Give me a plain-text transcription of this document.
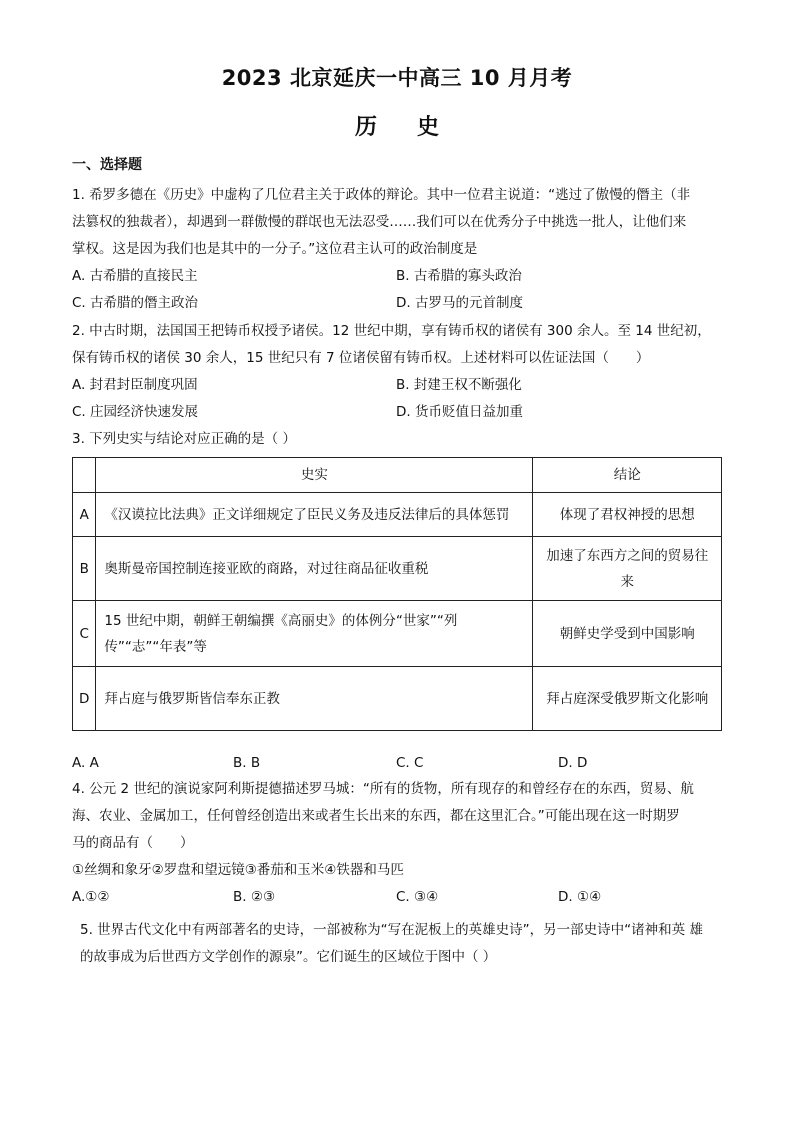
2023 北京延庆一中高三 10 月月考
历史
一、选择题
1. 希罗多德在《历史》中虚构了几位君主关于政体的辩论。其中一位君主说道：“逃过了傲慢的僭主（非
法篡权的独裁者），却遇到一群傲慢的群氓也无法忍受……我们可以在优秀分子中挑选一批人，让他们来
掌权。这是因为我们也是其中的一分子。”这位君主认可的政治制度是
A. 古希腊的直接民主	B. 古希腊的寡头政治
C. 古希腊的僭主政治	D. 古罗马的元首制度
2. 中古时期，法国国王把铸币权授予诸侯。12 世纪中期，享有铸币权的诸侯有 300 余人。至 14 世纪初，
保有铸币权的诸侯 30 余人，15 世纪只有 7 位诸侯留有铸币权。上述材料可以佐证法国（　　）
A. 封君封臣制度巩固	B. 封建王权不断强化
C. 庄园经济快速发展	D. 货币贬值日益加重
3. 下列史实与结论对应正确的是（ ）
	史实	结论
A	《汉谟拉比法典》正文详细规定了臣民义务及违反法律后的具体惩罚	体现了君权神授的思想
B	奥斯曼帝国控制连接亚欧的商路，对过往商品征收重税	加速了东西方之间的贸易往来
C	15 世纪中期，朝鲜王朝编撰《高丽史》的体例分“世家”“列传”“志”“年表”等	朝鲜史学受到中国影响
D	拜占庭与俄罗斯皆信奉东正教	拜占庭深受俄罗斯文化影响
A. A	B. B	C. C	D. D
4. 公元 2 世纪的演说家阿利斯提德描述罗马城：“所有的货物，所有现存的和曾经存在的东西，贸易、航
海、农业、金属加工，任何曾经创造出来或者生长出来的东西，都在这里汇合。”可能出现在这一时期罗
马的商品有（　　）
①丝绸和象牙②罗盘和望远镜③番茄和玉米④铁器和马匹
A.①②	B. ②③	C. ③④	D. ①④
5. 世界古代文化中有两部著名的史诗，一部被称为“写在泥板上的英雄史诗”，另一部史诗中“诸神和英 雄
的故事成为后世西方文学创作的源泉”。它们诞生的区域位于图中（ ）
